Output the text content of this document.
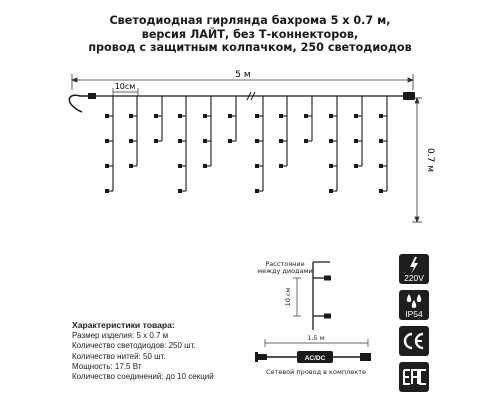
Светодиодная гирлянда бахрома 5 x 0.7 м,
версия ЛАЙТ, без Т-коннекторов,
провод с защитным колпачком, 250 светодиодов
5 м
10см
0.7 м
Расстояние
между диодами
10 см
1.5 м
AC/DC
Сетевой провод в комплекте
Характеристики товара:
Размер изделия: 5 x 0.7 м
Количество светодиодов: 250 шт.
Количество нитей: 50 шт.
Мощность: 17.5 Вт
Количество соединений: до 10 секций
220V
IP54
